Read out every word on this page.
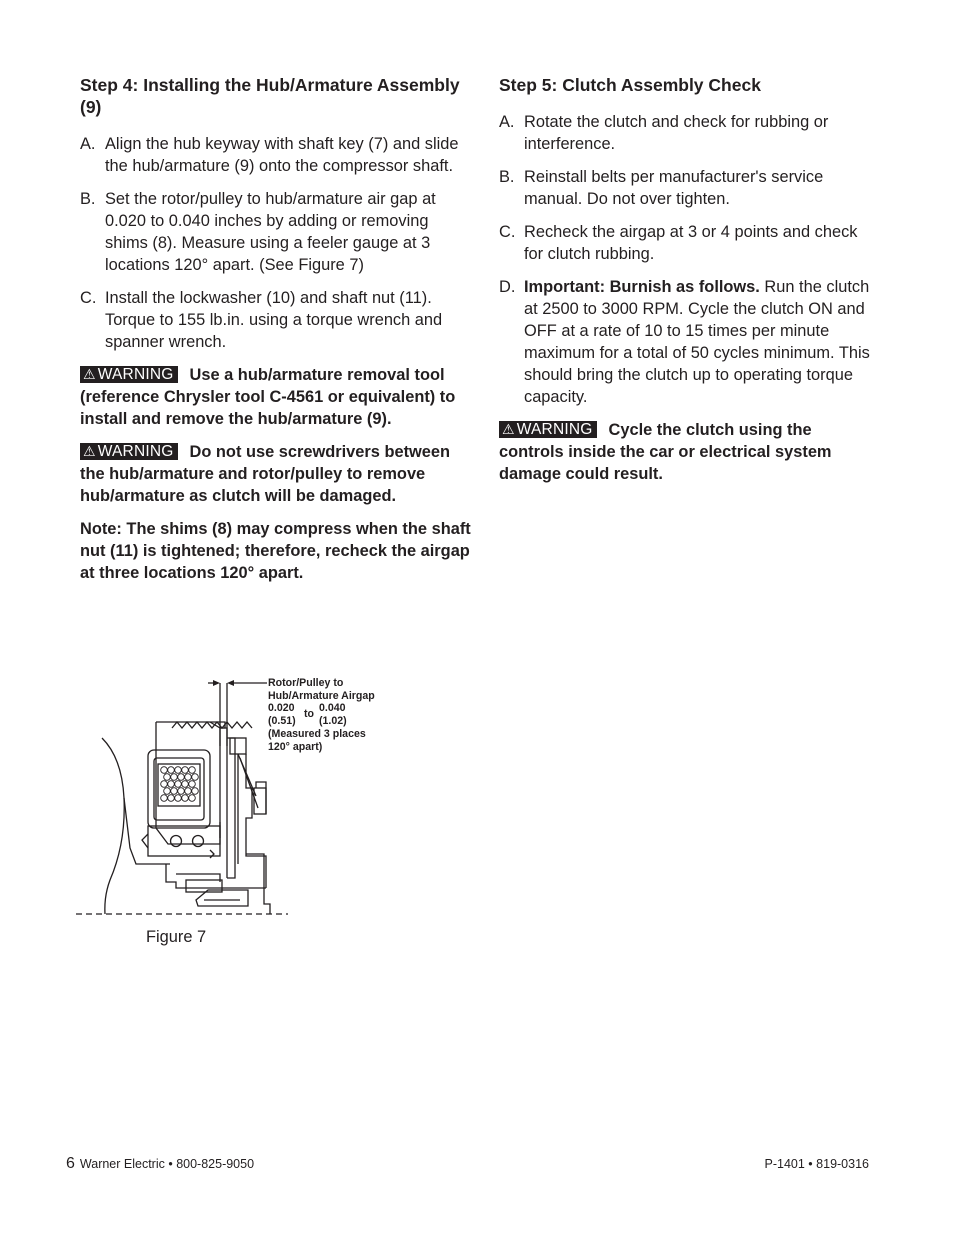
Step 4: Installing the Hub/Armature Assembly (9)
A. Align the hub keyway with shaft key (7) and slide the hub/armature (9) onto the compressor shaft.
B. Set the rotor/pulley to hub/armature air gap at 0.020 to 0.040 inches by adding or removing shims (8). Measure using a feeler gauge at 3 locations 120° apart. (See Figure 7)
C. Install the lockwasher (10) and shaft nut (11). Torque to 155 lb.in. using a torque wrench and spanner wrench.

⚠ WARNING Use a hub/armature removal tool (reference Chrysler tool C-4561 or equivalent) to install and remove the hub/armature (9).

⚠ WARNING Do not use screwdrivers between the hub/armature and rotor/pulley to remove hub/armature as clutch will be damaged.

Note: The shims (8) may compress when the shaft nut (11) is tightened; therefore, recheck the airgap at three locations 120° apart.

Rotor/Pulley to
Hub/Armature Airgap
0.020
(0.51)
to 0.040
(1.02)
(Measured 3 places
120° apart)
Figure 7
Step 5: Clutch Assembly Check
A. Rotate the clutch and check for rubbing or interference.
B. Reinstall belts per manufacturer's service manual. Do not over tighten.
C. Recheck the airgap at 3 or 4 points and check for clutch rubbing.
D. Important: Burnish as follows. Run the clutch at 2500 to 3000 RPM. Cycle the clutch ON and OFF at a rate of 10 to 15 times per minute maximum for a total of 50 cycles minimum. This should bring the clutch up to operating torque capacity.

⚠ WARNING Cycle the clutch using the controls inside the car or electrical system damage could result.

6 Warner Electric • 800-825-9050	P-1401 • 819-0316
